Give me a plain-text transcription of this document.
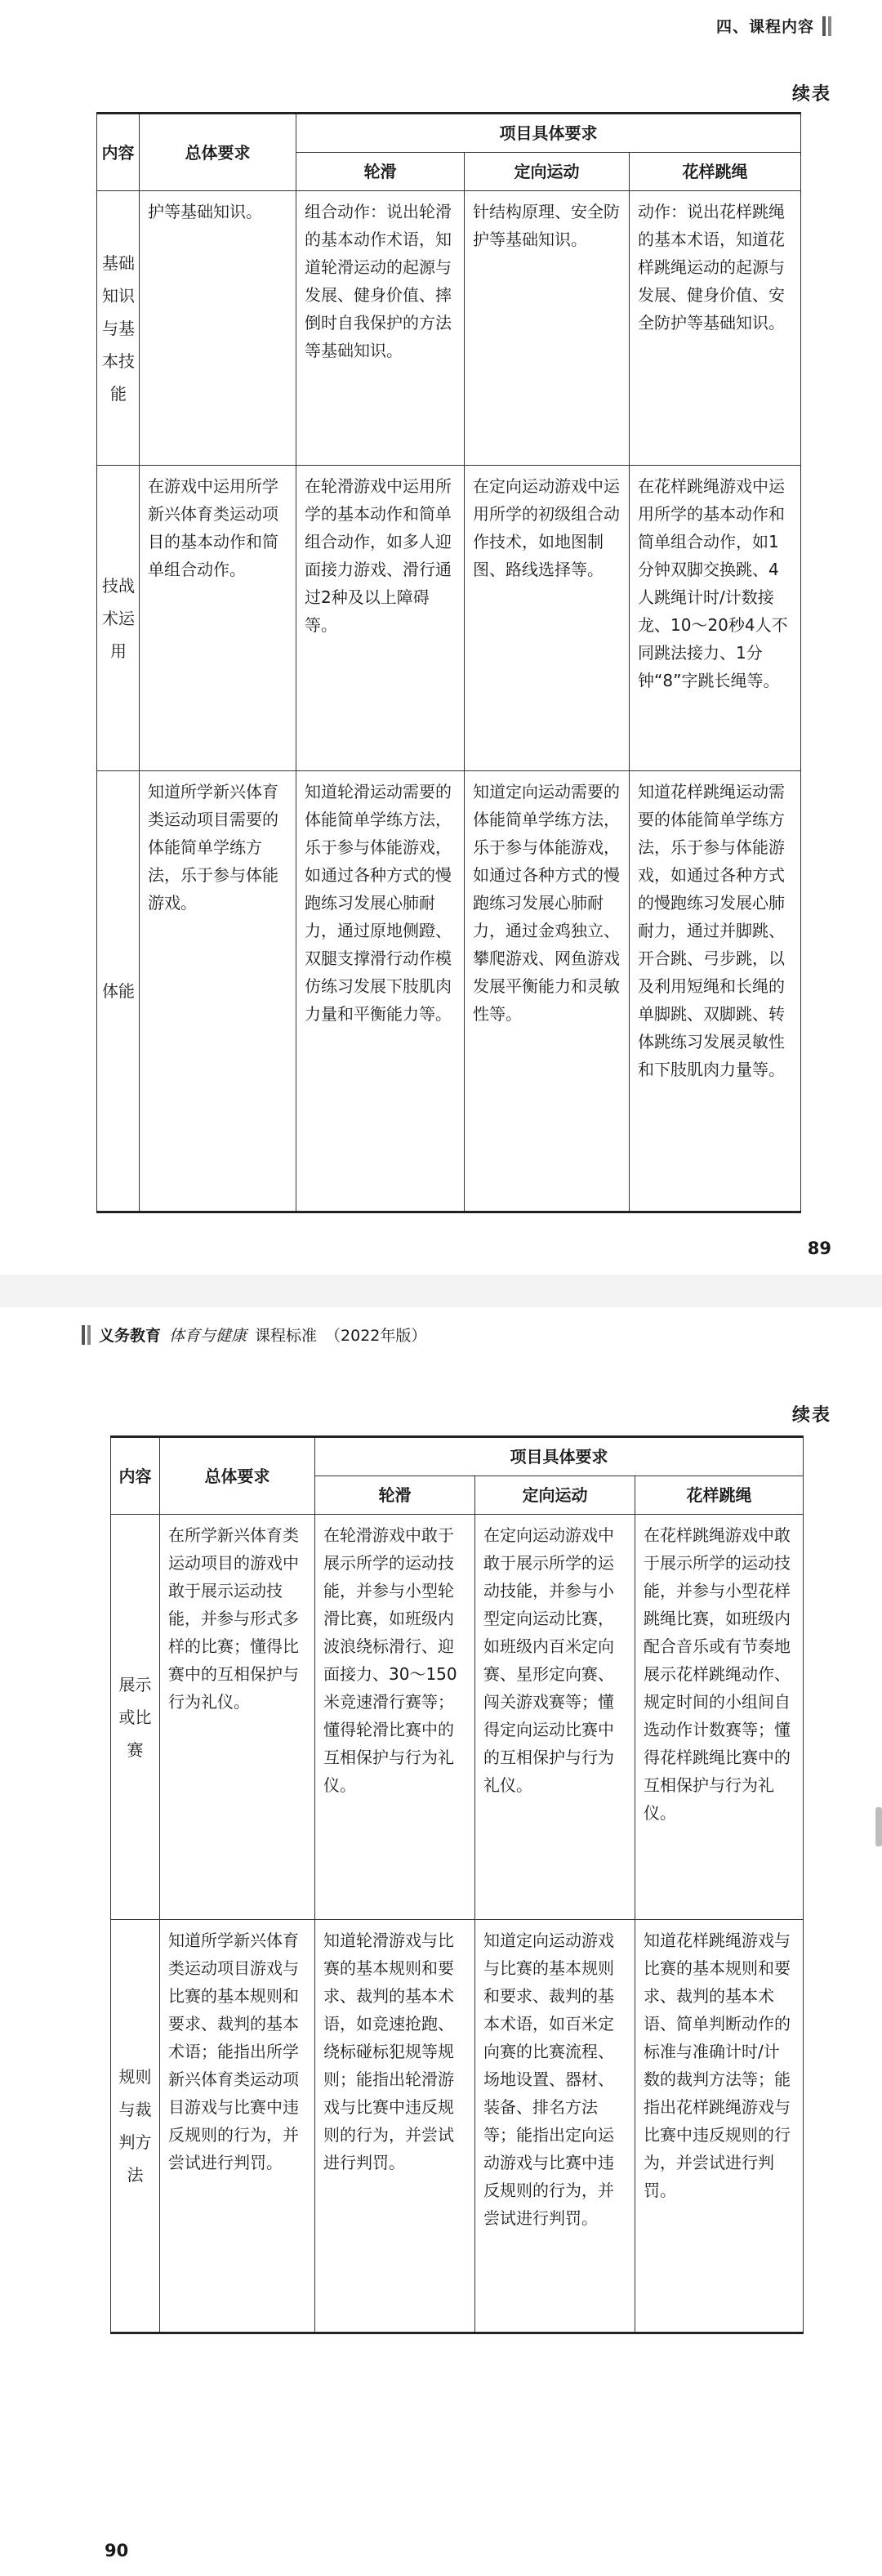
四、课程内容
续表
内容	总体要求	项目具体要求		
		轮滑	定向运动	花样跳绳
基础知识与基本技能	护等基础知识。	组合动作：说出轮滑的基本动作术语，知道轮滑运动的起源与发展、健身价值、摔倒时自我保护的方法等基础知识。	针结构原理、安全防护等基础知识。	动作：说出花样跳绳的基本术语，知道花样跳绳运动的起源与发展、健身价值、安全防护等基础知识。
技战术运用	在游戏中运用所学新兴体育类运动项目的基本动作和简单组合动作。	在轮滑游戏中运用所学的基本动作和简单组合动作，如多人迎面接力游戏、滑行通过2种及以上障碍等。	在定向运动游戏中运用所学的初级组合动作技术，如地图制图、路线选择等。	在花样跳绳游戏中运用所学的基本动作和简单组合动作，如1分钟双脚交换跳、4人跳绳计时/计数接龙、10～20秒4人不同跳法接力、1分钟“8”字跳长绳等。
体能	知道所学新兴体育类运动项目需要的体能简单学练方法，乐于参与体能游戏。	知道轮滑运动需要的体能简单学练方法，乐于参与体能游戏，如通过各种方式的慢跑练习发展心肺耐力，通过原地侧蹬、双腿支撑滑行动作模仿练习发展下肢肌肉力量和平衡能力等。	知道定向运动需要的体能简单学练方法，乐于参与体能游戏，如通过各种方式的慢跑练习发展心肺耐力，通过金鸡独立、攀爬游戏、网鱼游戏发展平衡能力和灵敏性等。	知道花样跳绳运动需要的体能简单学练方法，乐于参与体能游戏，如通过各种方式的慢跑练习发展心肺耐力，通过并脚跳、开合跳、弓步跳，以及利用短绳和长绳的单脚跳、双脚跳、转体跳练习发展灵敏性和下肢肌肉力量等。
89
义务教育 体育与健康 课程标准 （2022年版）
续表
内容	总体要求	项目具体要求		
		轮滑	定向运动	花样跳绳
展示或比赛	在所学新兴体育类运动项目的游戏中敢于展示运动技能，并参与形式多样的比赛；懂得比赛中的互相保护与行为礼仪。	在轮滑游戏中敢于展示所学的运动技能，并参与小型轮滑比赛，如班级内波浪绕标滑行、迎面接力、30～150米竞速滑行赛等；懂得轮滑比赛中的互相保护与行为礼仪。	在定向运动游戏中敢于展示所学的运动技能，并参与小型定向运动比赛，如班级内百米定向赛、星形定向赛、闯关游戏赛等；懂得定向运动比赛中的互相保护与行为礼仪。	在花样跳绳游戏中敢于展示所学的运动技能，并参与小型花样跳绳比赛，如班级内配合音乐或有节奏地展示花样跳绳动作、规定时间的小组间自选动作计数赛等；懂得花样跳绳比赛中的互相保护与行为礼仪。
规则与裁判方法	知道所学新兴体育类运动项目游戏与比赛的基本规则和要求、裁判的基本术语；能指出所学新兴体育类运动项目游戏与比赛中违反规则的行为，并尝试进行判罚。	知道轮滑游戏与比赛的基本规则和要求、裁判的基本术语，如竞速抢跑、绕标碰标犯规等规则；能指出轮滑游戏与比赛中违反规则的行为，并尝试进行判罚。	知道定向运动游戏与比赛的基本规则和要求、裁判的基本术语，如百米定向赛的比赛流程、场地设置、器材、装备、排名方法等；能指出定向运动游戏与比赛中违反规则的行为，并尝试进行判罚。	知道花样跳绳游戏与比赛的基本规则和要求、裁判的基本术语、简单判断动作的标准与准确计时/计数的裁判方法等；能指出花样跳绳游戏与比赛中违反规则的行为，并尝试进行判罚。
90
